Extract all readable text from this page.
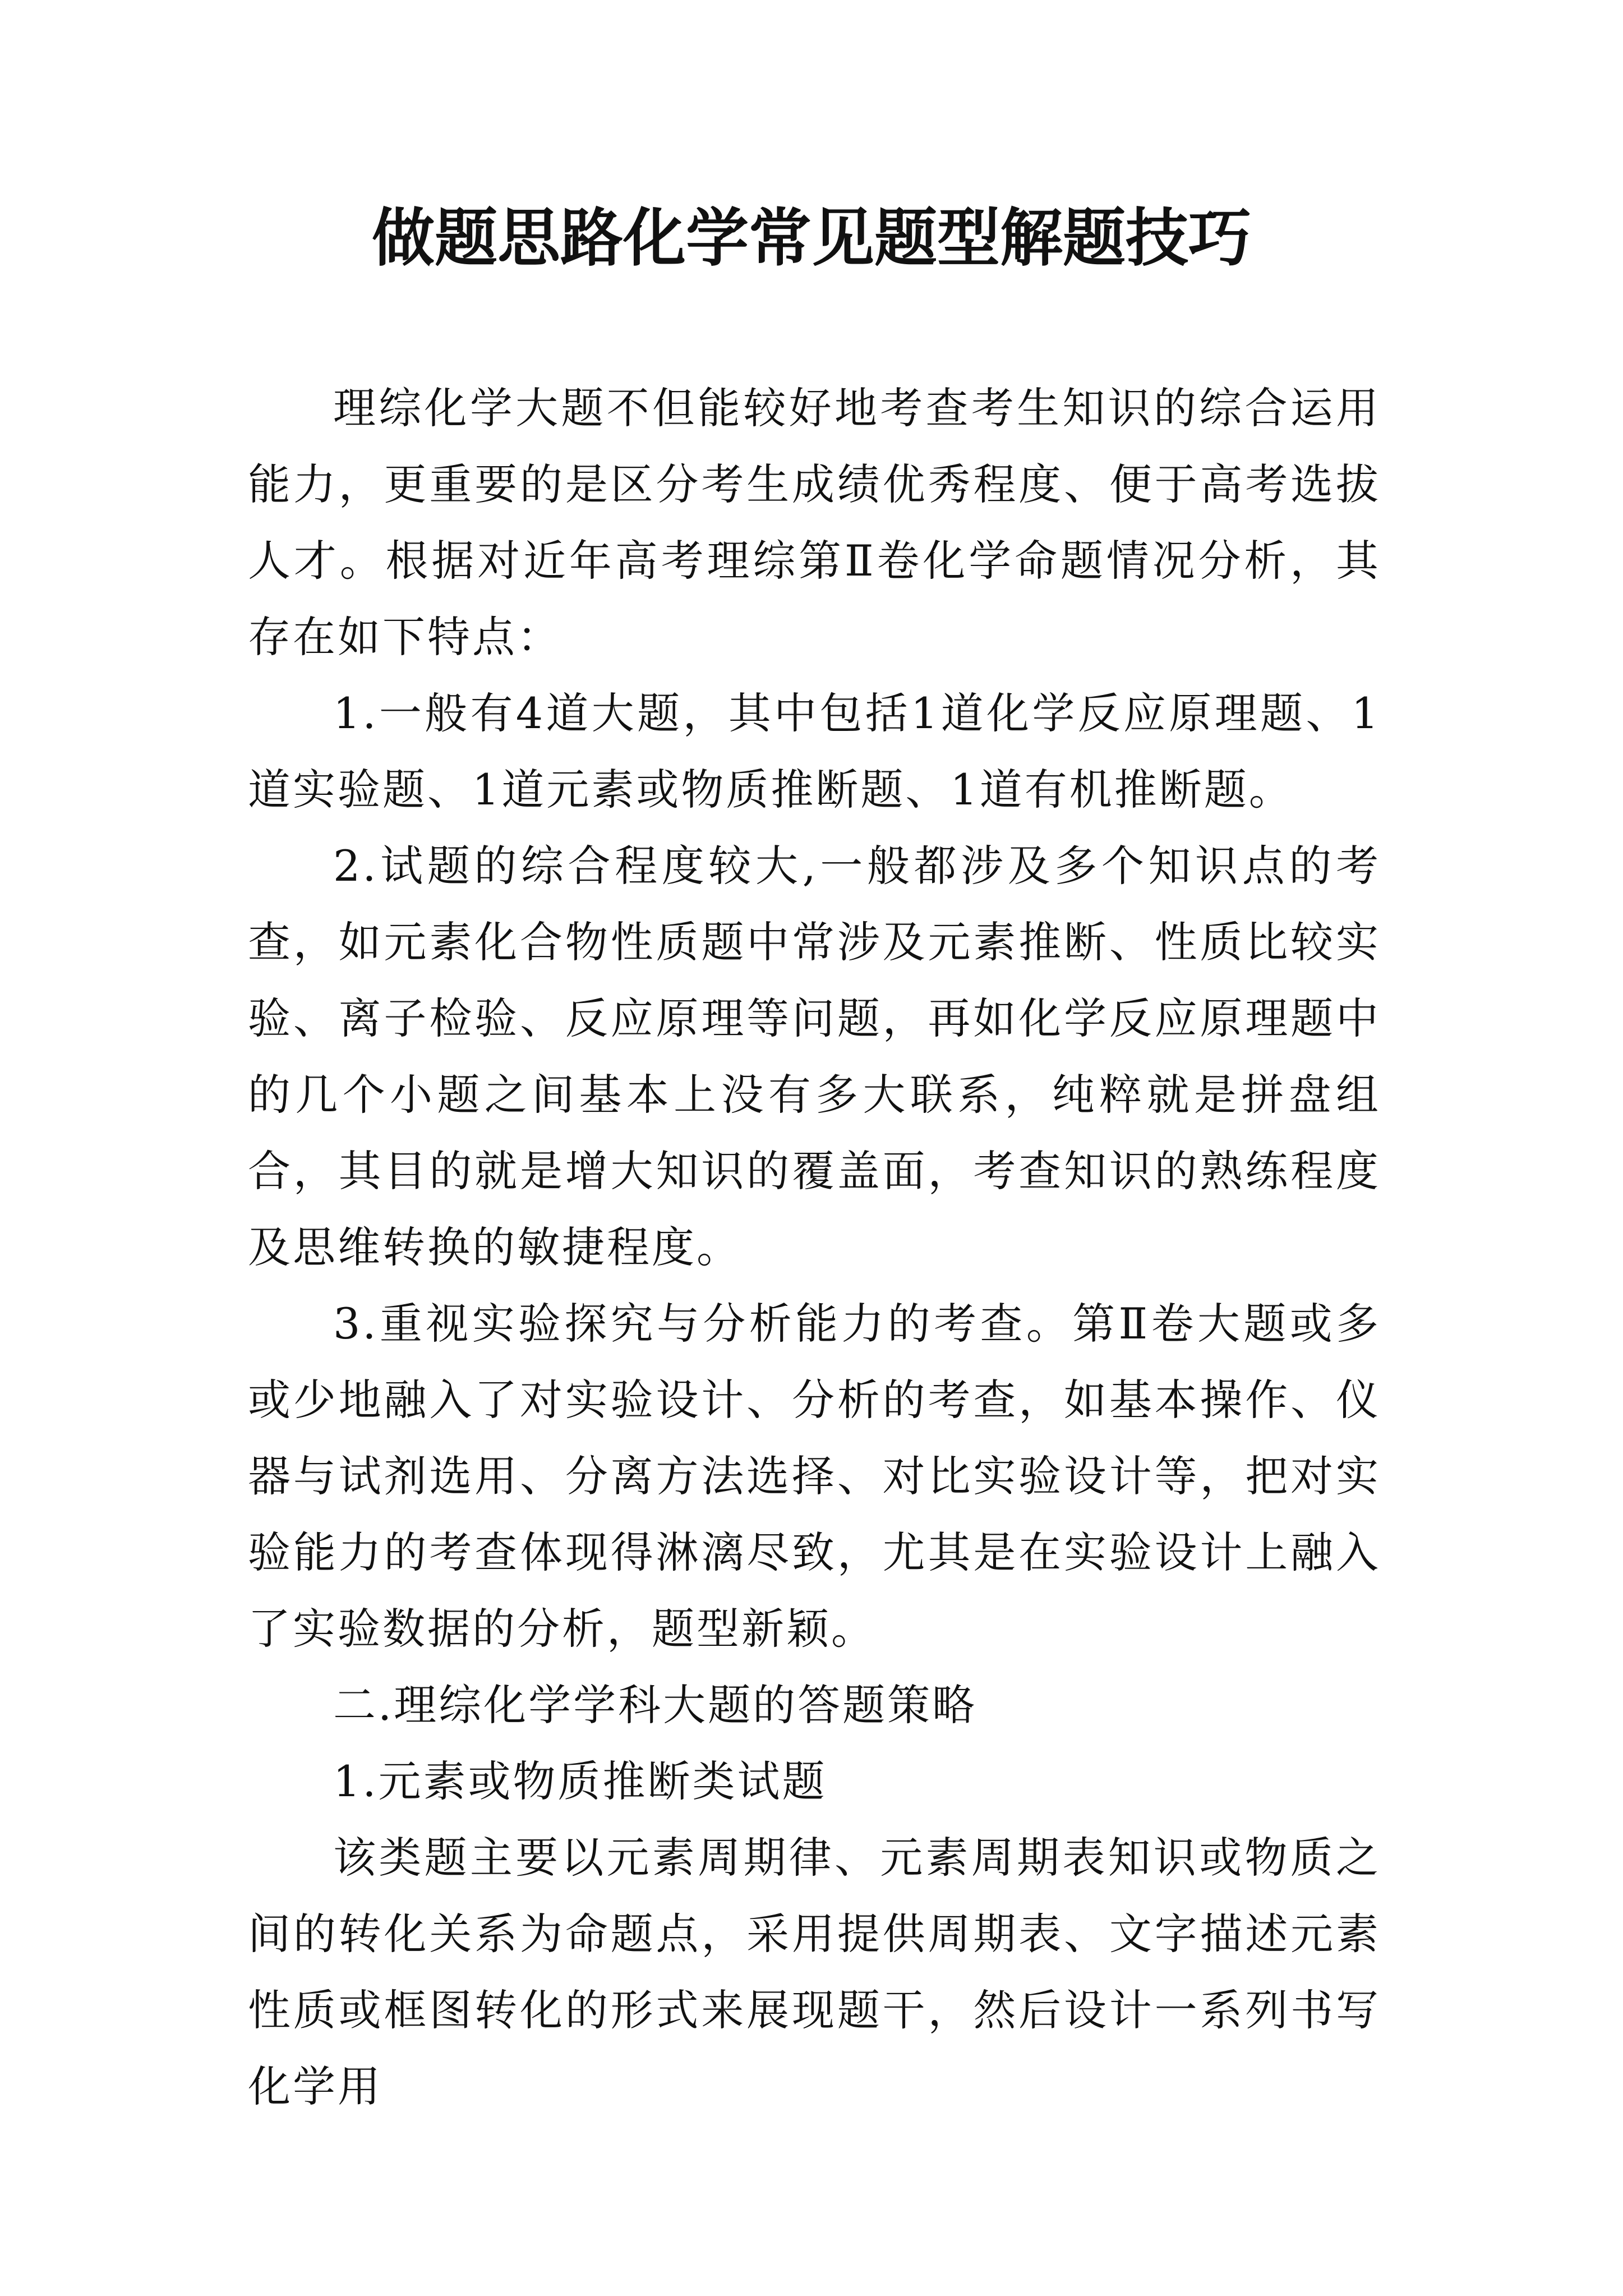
做题思路化学常见题型解题技巧

理综化学大题不但能较好地考查考生知识的综合运用能力，更重要的是区分考生成绩优秀程度、便于高考选拔人才。根据对近年高考理综第Ⅱ卷化学命题情况分析，其存在如下特点：

1.一般有4道大题，其中包括1道化学反应原理题、1道实验题、1道元素或物质推断题、1道有机推断题。

2.试题的综合程度较大,一般都涉及多个知识点的考查，如元素化合物性质题中常涉及元素推断、性质比较实验、离子检验、反应原理等问题，再如化学反应原理题中的几个小题之间基本上没有多大联系，纯粹就是拼盘组合，其目的就是增大知识的覆盖面，考查知识的熟练程度及思维转换的敏捷程度。

3.重视实验探究与分析能力的考查。第Ⅱ卷大题或多或少地融入了对实验设计、分析的考查，如基本操作、仪器与试剂选用、分离方法选择、对比实验设计等，把对实验能力的考查体现得淋漓尽致，尤其是在实验设计上融入了实验数据的分析，题型新颖。

二.理综化学学科大题的答题策略

1.元素或物质推断类试题

该类题主要以元素周期律、元素周期表知识或物质之间的转化关系为命题点，采用提供周期表、文字描述元素性质或框图转化的形式来展现题干，然后设计一系列书写化学用
